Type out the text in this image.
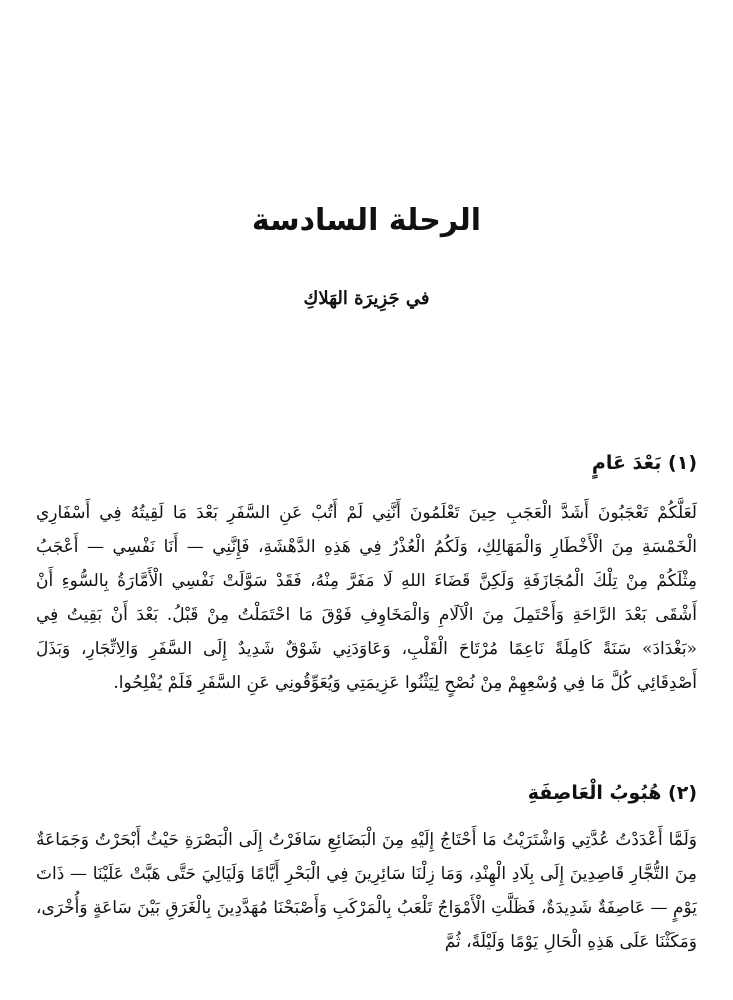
الرحلة السادسة
في جَزِيرَة الهَلاكِ
(١) بَعْدَ عَامٍ

لَعَلَّكُمْ تَعْجَبُونَ أَشَدَّ الْعَجَبِ حِينَ تَعْلَمُونَ أَنَّنِي لَمْ أَتُبْ عَنِ السَّفَرِ بَعْدَ مَا لَقِيتُهُ فِي أَسْفَارِي الْخَمْسَةِ مِنَ الْأَخْطَارِ وَالْمَهَالِكِ، وَلَكُمُ الْعُذْرُ فِي هَذِهِ الدَّهْشَةِ، فَإِنَّنِي — أَنَا نَفْسِي — أَعْجَبُ مِثْلَكُمْ مِنْ تِلْكَ الْمُجَازَفَةِ وَلَكِنَّ قَضَاءَ اللهِ لَا مَفَرَّ مِنْهُ، فَقَدْ سَوَّلَتْ نَفْسِي الْأَمَّارَةُ بِالسُّوءِ أَنْ أَشْقَى بَعْدَ الرَّاحَةِ وَأَحْتَمِلَ مِنَ الْآلَامِ وَالْمَخَاوِفِ فَوْقَ مَا احْتَمَلْتُ مِنْ قَبْلُ. بَعْدَ أَنْ بَقِيتُ فِي «بَغْدَادَ» سَنَةً كَامِلَةً نَاعِمًا مُرْتَاحَ الْقَلْبِ، وَعَاوَدَنِي شَوْقٌ شَدِيدٌ إِلَى السَّفَرِ وَالِاتِّجَارِ، وَبَذَلَ أَصْدِقَائِي كُلَّ مَا فِي وُسْعِهِمْ مِنْ نُصْحٍ لِيَثْنُوا عَزِيمَتِي وَيُعَوِّقُونِي عَنِ السَّفَرِ فَلَمْ يُفْلِحُوا.

(٢) هُبُوبُ الْعَاصِفَةِ

وَلَمَّا أَعْدَدْتُ عُدَّتِي وَاشْتَرَيْتُ مَا أَحْتَاجُ إِلَيْهِ مِنَ الْبَضَائِعِ سَافَرْتُ إِلَى الْبَصْرَةِ حَيْثُ أَبْحَرْتُ وَجَمَاعَةٌ مِنَ التُّجَّارِ قَاصِدِينَ إِلَى بِلَادِ الْهِنْدِ، وَمَا زِلْنَا سَائِرِينَ فِي الْبَحْرِ أَيَّامًا وَلَيَالِيَ حَتَّى هَبَّتْ عَلَيْنَا — ذَاتَ يَوْمٍ — عَاصِفَةٌ شَدِيدَةٌ، فَظَلَّتِ الْأَمْوَاجُ تَلْعَبُ بِالْمَرْكَبِ وَأَصْبَحْنَا مُهَدَّدِينَ بِالْغَرَقِ بَيْنَ سَاعَةٍ وَأُخْرَى، وَمَكَثْنَا عَلَى هَذِهِ الْحَالِ يَوْمًا وَلَيْلَةً، ثُمَّ
